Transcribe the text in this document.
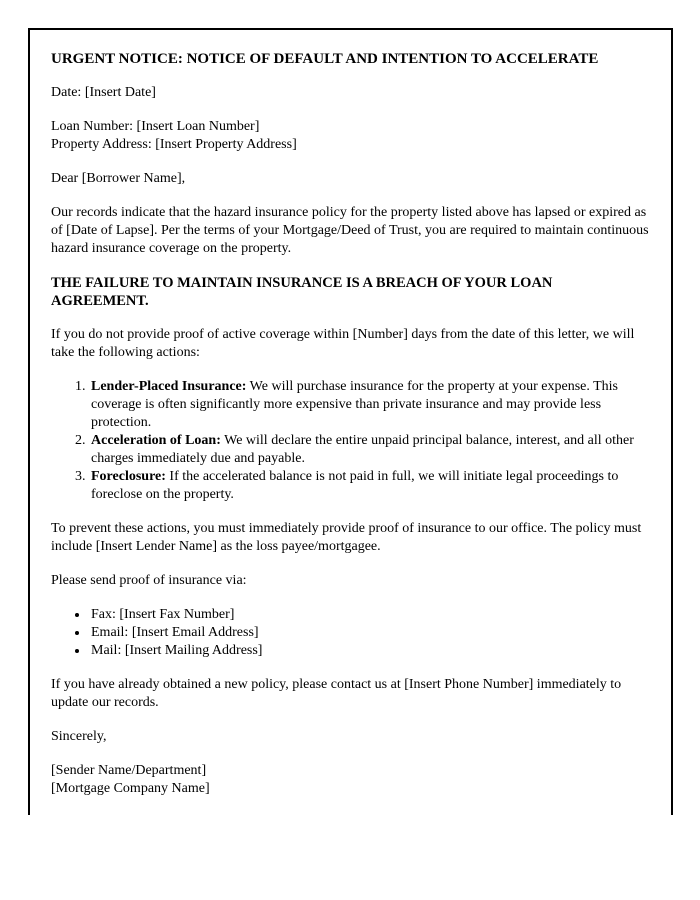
URGENT NOTICE: NOTICE OF DEFAULT AND INTENTION TO ACCELERATE

Date: [Insert Date]

Loan Number: [Insert Loan Number]
Property Address: [Insert Property Address]

Dear [Borrower Name],

Our records indicate that the hazard insurance policy for the property listed above has lapsed or expired as of [Date of Lapse]. Per the terms of your Mortgage/Deed of Trust, you are required to maintain continuous hazard insurance coverage on the property.

THE FAILURE TO MAINTAIN INSURANCE IS A BREACH OF YOUR LOAN AGREEMENT.

If you do not provide proof of active coverage within [Number] days from the date of this letter, we will take the following actions:

1. Lender-Placed Insurance: We will purchase insurance for the property at your expense. This coverage is often significantly more expensive than private insurance and may provide less protection.
2. Acceleration of Loan: We will declare the entire unpaid principal balance, interest, and all other charges immediately due and payable.
3. Foreclosure: If the accelerated balance is not paid in full, we will initiate legal proceedings to foreclose on the property.

To prevent these actions, you must immediately provide proof of insurance to our office. The policy must include [Insert Lender Name] as the loss payee/mortgagee.

Please send proof of insurance via:

• Fax: [Insert Fax Number]
• Email: [Insert Email Address]
• Mail: [Insert Mailing Address]

If you have already obtained a new policy, please contact us at [Insert Phone Number] immediately to update our records.

Sincerely,

[Sender Name/Department]
[Mortgage Company Name]
